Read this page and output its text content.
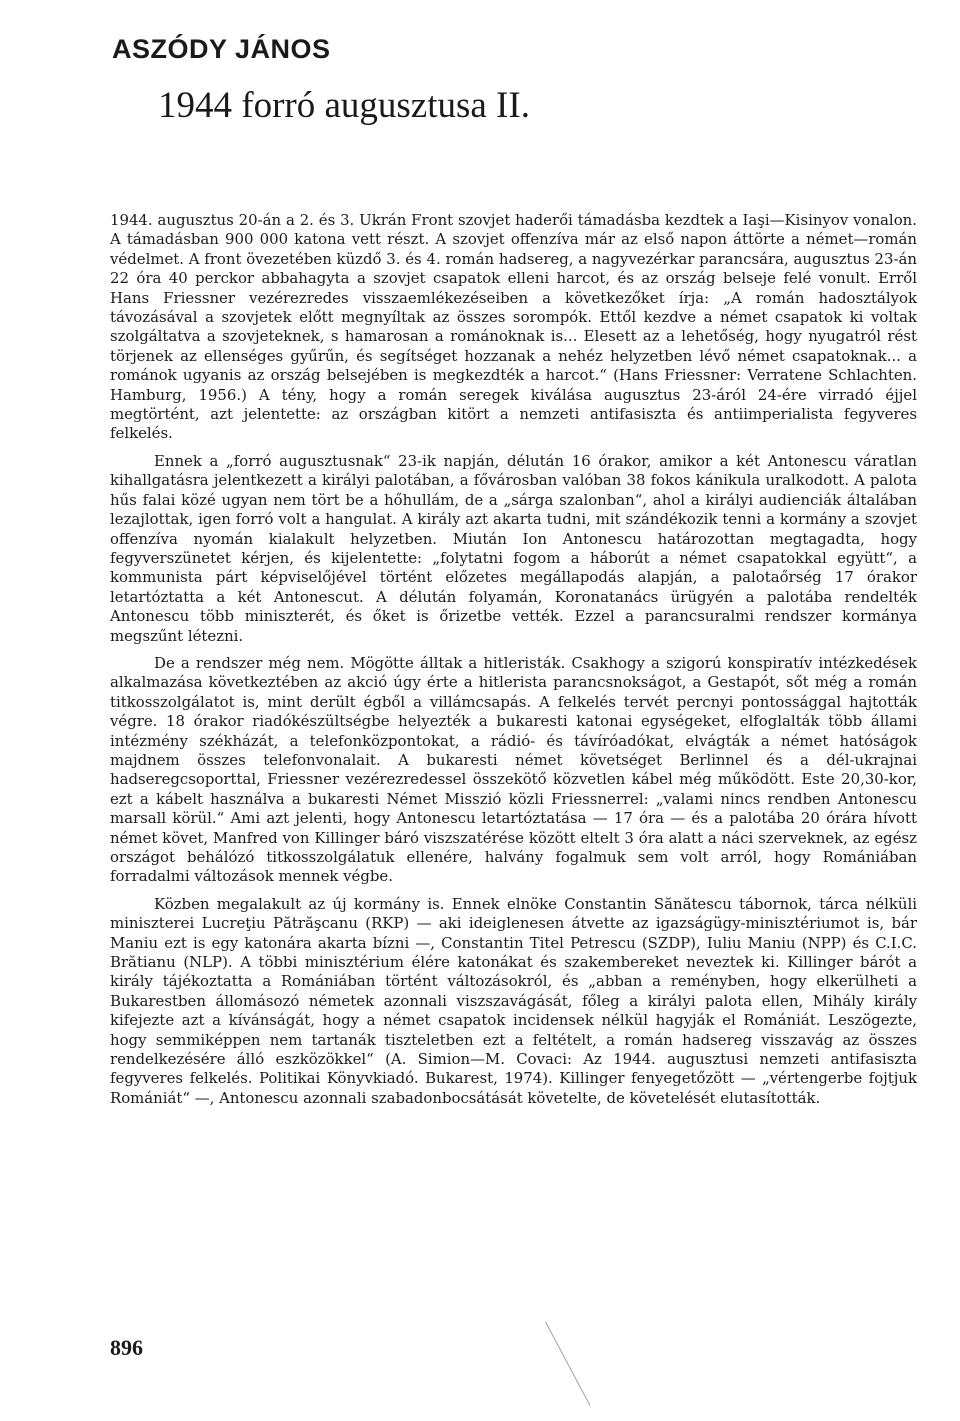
ASZÓDY JÁNOS
1944 forró augusztusa II.

1944. augusztus 20-án a 2. és 3. Ukrán Front szovjet haderői támadásba kezdtek a Iaşi—Kisinyov vonalon. A támadásban 900 000 katona vett részt. A szovjet offenzíva már az első napon áttörte a német—román védelmet. A front övezetében küzdő 3. és 4. román hadsereg, a nagyvezérkar parancsára, augusztus 23-án 22 óra 40 perckor abbahagyta a szovjet csapatok elleni harcot, és az ország belseje felé vonult. Erről Hans Friessner vezérezredes visszaemlékezéseiben a következőket írja: „A román hadosztályok távozásával a szovjetek előtt megnyíltak az összes sorompók. Ettől kezdve a német csapatok ki voltak szolgáltatva a szovjeteknek, s hamarosan a románoknak is... Elesett az a lehetőség, hogy nyugatról rést törjenek az ellenséges gyűrűn, és segítséget hozzanak a nehéz helyzetben lévő német csapatoknak... a románok ugyanis az ország belsejében is megkezdték a harcot.“ (Hans Friessner: Verratene Schlachten. Hamburg, 1956.) A tény, hogy a román seregek kiválása augusztus 23-áról 24-ére virradó éjjel megtörtént, azt jelentette: az országban kitört a nemzeti antifasiszta és antiimperialista fegyveres felkelés.

Ennek a „forró augusztusnak“ 23-ik napján, délután 16 órakor, amikor a két Antonescu váratlan kihallgatásra jelentkezett a királyi palotában, a fővárosban valóban 38 fokos kánikula uralkodott. A palota hűs falai közé ugyan nem tört be a hőhullám, de a „sárga szalonban“, ahol a királyi audienciák általában lezajlottak, igen forró volt a hangulat. A király azt akarta tudni, mit szándékozik tenni a kormány a szovjet offenzíva nyomán kialakult helyzetben. Miután Ion Antonescu határozottan megtagadta, hogy fegyverszünetet kérjen, és kijelentette: „folytatni fogom a háborút a német csapatokkal együtt“, a kommunista párt képviselőjével történt előzetes megállapodás alapján, a palotaőrség 17 órakor letartóztatta a két Antonescut. A délután folyamán, Koronatanács ürügyén a palotába rendelték Antonescu több miniszterét, és őket is őrizetbe vették. Ezzel a parancsuralmi rendszer kormánya megszűnt létezni.

De a rendszer még nem. Mögötte álltak a hitleristák. Csakhogy a szigorú konspiratív intézkedések alkalmazása következtében az akció úgy érte a hitlerista parancsnokságot, a Gestapót, sőt még a román titkosszolgálatot is, mint derült égből a villámcsapás. A felkelés tervét percnyi pontossággal hajtották végre. 18 órakor riadókészültségbe helyezték a bukaresti katonai egységeket, elfoglalták több állami intézmény székházát, a telefonközpontokat, a rádió- és távíróadókat, elvágták a német hatóságok majdnem összes telefonvonalait. A bukaresti német követséget Berlinnel és a dél-ukrajnai hadseregcsoporttal, Friessner vezérezredessel összekötő közvetlen kábel még működött. Este 20,30-kor, ezt a kábelt használva a bukaresti Német Misszió közli Friessnerrel: „valami nincs rendben Antonescu marsall körül.“ Ami azt jelenti, hogy Antonescu letartóztatása — 17 óra — és a palotába 20 órára hívott német követ, Manfred von Killinger báró viszszatérése között eltelt 3 óra alatt a náci szerveknek, az egész országot behálózó titkosszolgálatuk ellenére, halvány fogalmuk sem volt arról, hogy Romániában forradalmi változások mennek végbe.

Közben megalakult az új kormány is. Ennek elnöke Constantin Sănătescu tábornok, tárca nélküli miniszterei Lucreţiu Pătrăşcanu (RKP) — aki ideiglenesen átvette az igazságügy-minisztériumot is, bár Maniu ezt is egy katonára akarta bízni —, Constantin Titel Petrescu (SZDP), Iuliu Maniu (NPP) és C.I.C. Brătianu (NLP). A többi minisztérium élére katonákat és szakembereket neveztek ki. Killinger bárót a király tájékoztatta a Romániában történt változásokról, és „abban a reményben, hogy elkerülheti a Bukarestben állomásozó németek azonnali viszszavágását, főleg a királyi palota ellen, Mihály király kifejezte azt a kívánságát, hogy a német csapatok incidensek nélkül hagyják el Romániát. Leszögezte, hogy semmiképpen nem tartanák tiszteletben ezt a feltételt, a román hadsereg visszavág az összes rendelkezésére álló eszközökkel“ (A. Simion—M. Covaci: Az 1944. augusztusi nemzeti antifasiszta fegyveres felkelés. Politikai Könyvkiadó. Bukarest, 1974). Killinger fenyegetőzött — „vértengerbe fojtjuk Romániát“ —, Antonescu azonnali szabadonbocsátását követelte, de követelését elutasították.

896
